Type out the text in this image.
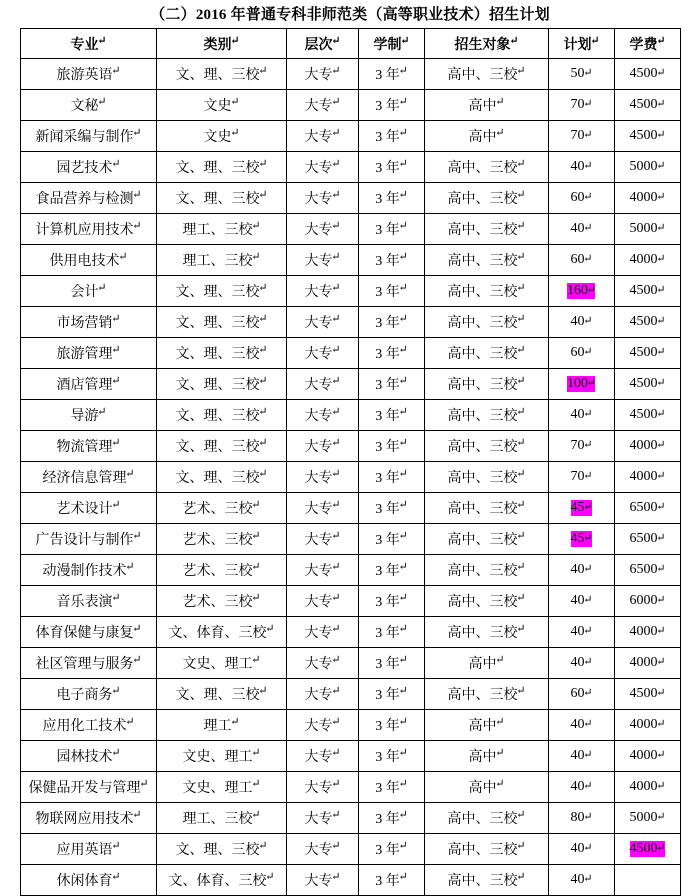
（二）2016 年普通专科非师范类（高等职业技术）招生计划
专业 ↵	类别 ↵	层次 ↵	学制 ↵	招生对象 ↵	计划 ↵	学费 ↵
旅游英语 ↵	文、理、三校 ↵	大专 ↵	3 年 ↵	高中、三校 ↵	50 ↵	4500 ↵
文秘 ↵	文史 ↵	大专 ↵	3 年 ↵	高中 ↵	70 ↵	4500 ↵
新闻采编与制作 ↵	文史 ↵	大专 ↵	3 年 ↵	高中 ↵	70 ↵	4500 ↵
园艺技术 ↵	文、理、三校 ↵	大专 ↵	3 年 ↵	高中、三校 ↵	40 ↵	5000 ↵
食品营养与检测 ↵	文、理、三校 ↵	大专 ↵	3 年 ↵	高中、三校 ↵	60 ↵	4000 ↵
计算机应用技术 ↵	理工、三校 ↵	大专 ↵	3 年 ↵	高中、三校 ↵	40 ↵	5000 ↵
供用电技术 ↵	理工、三校 ↵	大专 ↵	3 年 ↵	高中、三校 ↵	60 ↵	4000 ↵
会计 ↵	文、理、三校 ↵	大专 ↵	3 年 ↵	高中、三校 ↵	160 ↵	4500 ↵
市场营销 ↵	文、理、三校 ↵	大专 ↵	3 年 ↵	高中、三校 ↵	40 ↵	4500 ↵
旅游管理 ↵	文、理、三校 ↵	大专 ↵	3 年 ↵	高中、三校 ↵	60 ↵	4500 ↵
酒店管理 ↵	文、理、三校 ↵	大专 ↵	3 年 ↵	高中、三校 ↵	100 ↵	4500 ↵
导游 ↵	文、理、三校 ↵	大专 ↵	3 年 ↵	高中、三校 ↵	40 ↵	4500 ↵
物流管理 ↵	文、理、三校 ↵	大专 ↵	3 年 ↵	高中、三校 ↵	70 ↵	4000 ↵
经济信息管理 ↵	文、理、三校 ↵	大专 ↵	3 年 ↵	高中、三校 ↵	70 ↵	4000 ↵
艺术设计 ↵	艺术、三校 ↵	大专 ↵	3 年 ↵	高中、三校 ↵	45 ↵	6500 ↵
广告设计与制作 ↵	艺术、三校 ↵	大专 ↵	3 年 ↵	高中、三校 ↵	45 ↵	6500 ↵
动漫制作技术 ↵	艺术、三校 ↵	大专 ↵	3 年 ↵	高中、三校 ↵	40 ↵	6500 ↵
音乐表演 ↵	艺术、三校 ↵	大专 ↵	3 年 ↵	高中、三校 ↵	40 ↵	6000 ↵
体育保健与康复 ↵	文、体育、三校 ↵	大专 ↵	3 年 ↵	高中、三校 ↵	40 ↵	4000 ↵
社区管理与服务 ↵	文史、理工 ↵	大专 ↵	3 年 ↵	高中 ↵	40 ↵	4000 ↵
电子商务 ↵	文、理、三校 ↵	大专 ↵	3 年 ↵	高中、三校 ↵	60 ↵	4500 ↵
应用化工技术 ↵	理工 ↵	大专 ↵	3 年 ↵	高中 ↵	40 ↵	4000 ↵
园林技术 ↵	文史、理工 ↵	大专 ↵	3 年 ↵	高中 ↵	40 ↵	4000 ↵
保健品开发与管理 ↵	文史、理工 ↵	大专 ↵	3 年 ↵	高中 ↵	40 ↵	4000 ↵
物联网应用技术 ↵	理工、三校 ↵	大专 ↵	3 年 ↵	高中、三校 ↵	80 ↵	5000 ↵
应用英语 ↵	文、理、三校 ↵	大专 ↵	3 年 ↵	高中、三校 ↵	40 ↵	4500 ↵
休闲体育 ↵	文、体育、三校 ↵	大专 ↵	3 年 ↵	高中、三校 ↵	40 ↵	
